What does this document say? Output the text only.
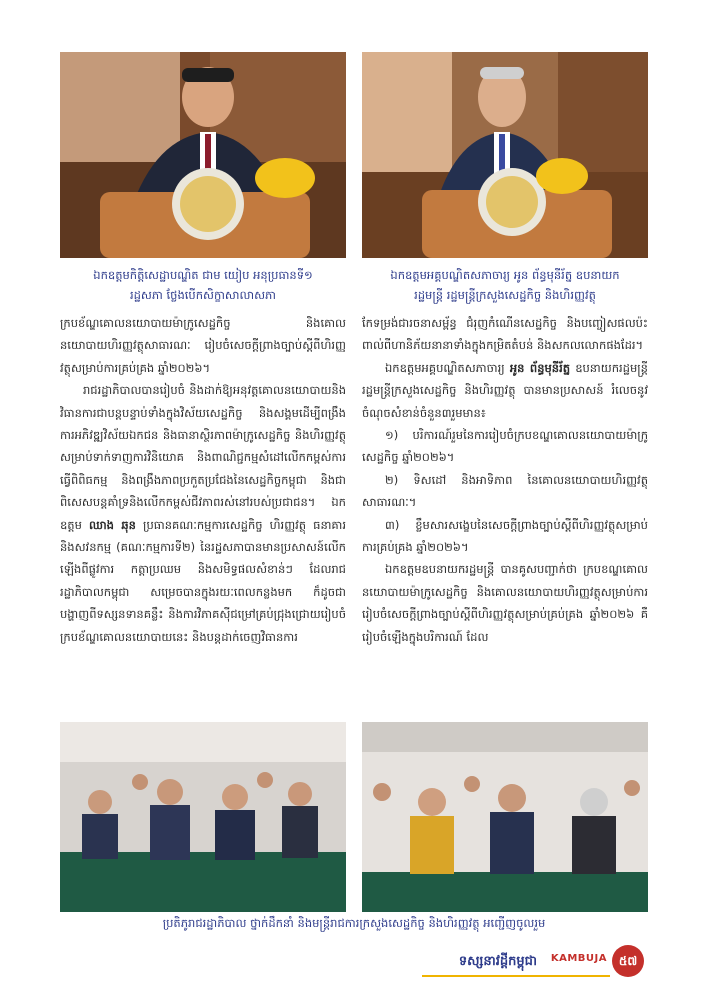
ឯកឧត្ដមកិត្តិសេដ្ឋាបណ្ឌិត ជាម យៀប អនុប្រធានទី១
រដ្ឋសភា ថ្លែងបើកសិក្ខាសាលាសភា
ឯកឧត្ដមអគ្គបណ្ឌិតសភាចារ្យ អូន ព័ន្ធមុនីរ័ត្ន ឧបនាយក
រដ្ឋមន្ត្រី រដ្ឋមន្ត្រីក្រសួងសេដ្ឋកិច្ច និងហិរញ្ញវត្ថុ

ក្របខ័ណ្ឌគោលនយោបាយម៉ាក្រូសេដ្ឋកិច្ច និងគោលនយោបាយហិរញ្ញវត្ថុសាធារណៈ រៀបចំសេចក្តីព្រាងច្បាប់ស្តីពីហិរញ្ញវត្ថុសម្រាប់ការគ្រប់គ្រង ឆ្នាំ២០២៦។

រាជរដ្ឋាភិបាលបានរៀបចំ និងដាក់ឱ្យអនុវត្តគោលនយោបាយនិងវិធានការជាបន្តបន្ទាប់ទាំងក្នុងវិស័យសេដ្ឋកិច្ច និងសង្គមដើម្បីពង្រឹងការអភិវឌ្ឍវិស័យឯកជន និងធានាស្ថិរភាពម៉ាក្រូសេដ្ឋកិច្ច និងហិរញ្ញវត្ថុសម្រាប់ទាក់ទាញការវិនិយោគ និងពាណិជ្ជកម្មសំដៅលើកកម្ពស់ការធ្វើពិពិធកម្ម និងពង្រឹងភាពប្រកួតប្រជែងនៃសេដ្ឋកិច្ចកម្ពុជា និងជាពិសេសបន្តគាំទ្រនិងលើកកម្ពស់ជីវភាពរស់នៅរបស់ប្រជាជន។ ឯកឧត្តម ឈាង ឆុន ប្រធានគណៈកម្មការសេដ្ឋកិច្ច ហិរញ្ញវត្ថុ ធនាគារ និងសវនកម្ម (គណៈកម្មការទី២) នៃរដ្ឋសភាបានមានប្រសាសន៍លើកឡើងពីផ្លូវការ កត្តាប្រឈម និងសមិទ្ធផលសំខាន់ៗ ដែលរាជរដ្ឋាភិបាលកម្ពុជា សម្រេចបានក្នុងរយៈពេលកន្លងមក ក៏ដូចជាបង្ហាញពីទស្សនទានគន្លឹះ និងការវិភាគស៊ីជម្រៅគ្រប់ជ្រុងជ្រោយរៀបចំក្របខ័ណ្ឌគោលនយោបាយនេះ និងបន្តដាក់ចេញវិធានការ

កែទម្រង់ជារចនាសម្ព័ន្ធ ជំរុញកំណើនសេដ្ឋកិច្ច និងបញ្ចៀសផលប៉ះពាល់ពីហានិភ័យនានាទាំងក្នុងកម្រិតតំបន់ និងសកលលោកផងដែរ។

ឯកឧត្តមអគ្គបណ្ឌិតសភាចារ្យ អូន ព័ន្ធមុនីរ័ត្ន ឧបនាយករដ្ឋមន្ត្រី រដ្ឋមន្ត្រីក្រសួងសេដ្ឋកិច្ច និងហិរញ្ញវត្ថុ បានមានប្រសាសន៍ រំលេចនូវចំណុចសំខាន់ចំនួន៣រួមមាន៖

១) បរិការណ៍រួមនៃការរៀបចំក្របខណ្ឌគោលនយោបាយម៉ាក្រូសេដ្ឋកិច្ច ឆ្នាំ២០២៦។

២) ទិសដៅ និងអាទិភាព នៃគោលនយោបាយហិរញ្ញវត្ថុសាធារណៈ។

៣) ខ្លឹមសារសង្ខេបនៃសេចក្តីព្រាងច្បាប់ស្តីពីហិរញ្ញវត្ថុសម្រាប់ការគ្រប់គ្រង ឆ្នាំ២០២៦។

ឯកឧត្តមឧបនាយករដ្ឋមន្ត្រី បានគូសបញ្ជាក់ថា ក្របខណ្ឌគោលនយោបាយម៉ាក្រូសេដ្ឋកិច្ច និងគោលនយោបាយហិរញ្ញវត្ថុសម្រាប់ការរៀបចំសេចក្តីព្រាងច្បាប់ស្តីពីហិរញ្ញវត្ថុសម្រាប់គ្រប់គ្រង ឆ្នាំ២០២៦ គឺរៀបចំឡើងក្នុងបរិការណ៍ ដែល

ប្រតិភូរាជរដ្ឋាភិបាល ថ្នាក់ដឹកនាំ និងមន្ត្រីរាជការក្រសួងសេដ្ឋកិច្ច និងហិរញ្ញវត្ថុ អញ្ជើញចូលរួម
ទស្សនាវដ្តីកម្ពុជា KAMBUJA ៥៧
